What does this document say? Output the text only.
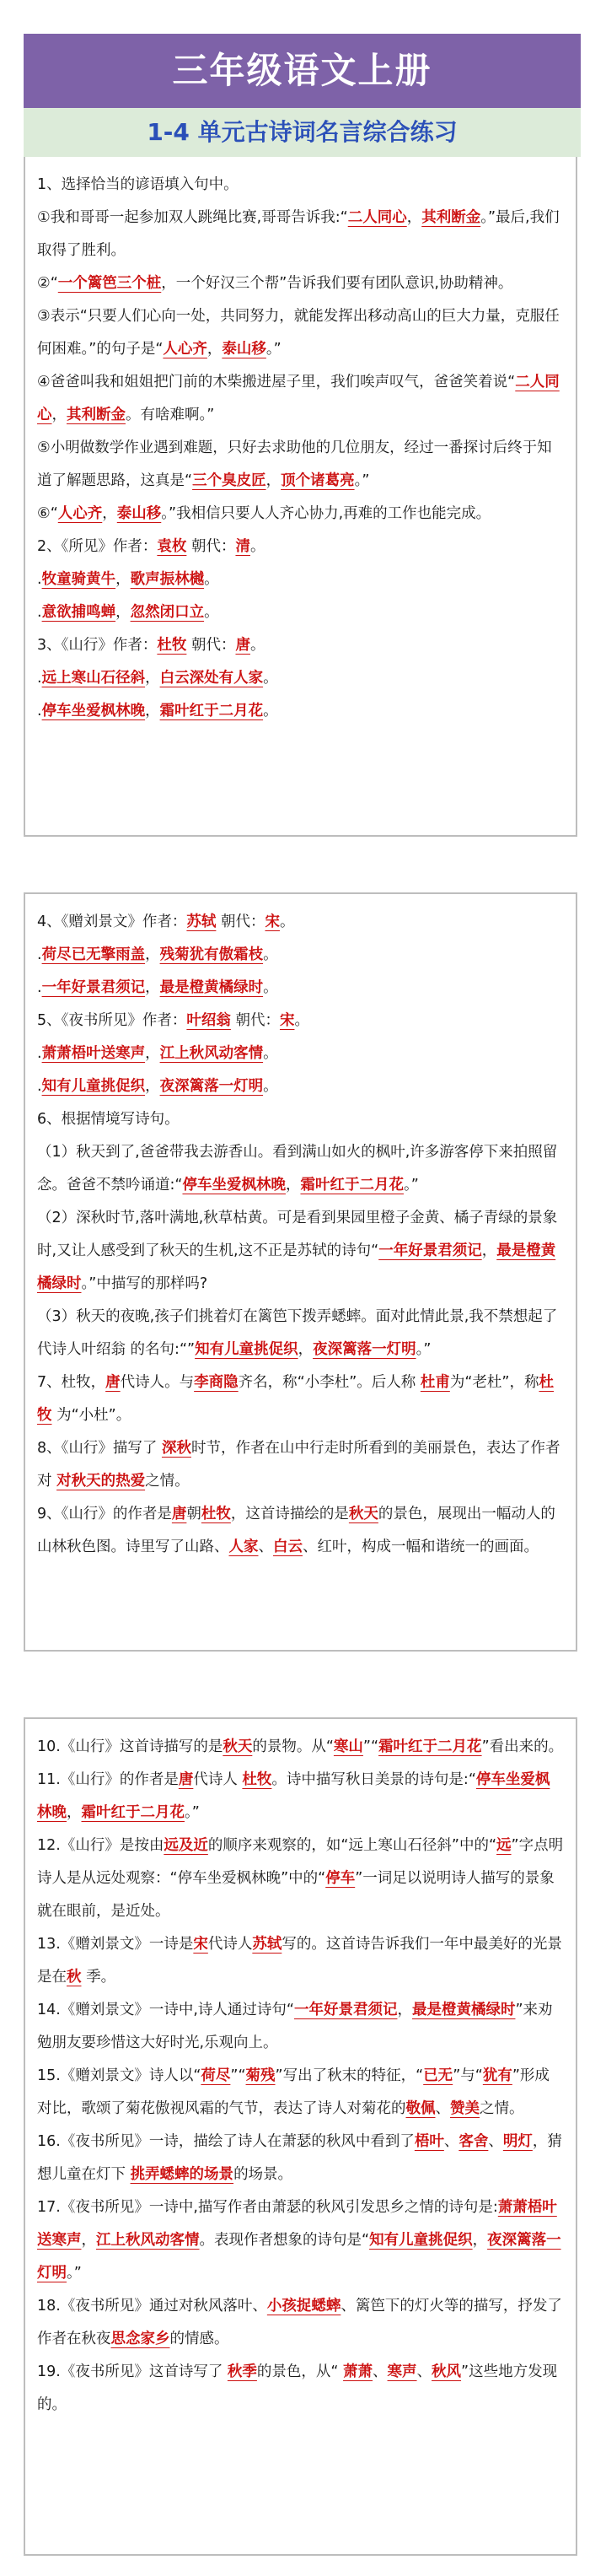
三年级语文上册
1-4 单元古诗词名言综合练习

1、选择恰当的谚语填入句中。

①我和哥哥一起参加双人跳绳比赛,哥哥告诉我:“二人同心，其利断金。”最后,我们取得了胜利。

②“一个篱笆三个桩，一个好汉三个帮”告诉我们要有团队意识,协助精神。

③表示“只要人们心向一处，共同努力，就能发挥出移动高山的巨大力量，克服任何困难。”的句子是“人心齐，泰山移。”

④爸爸叫我和姐姐把门前的木柴搬进屋子里，我们唉声叹气，爸爸笑着说“二人同心，其利断金。有啥难啊。”

⑤小明做数学作业遇到难题，只好去求助他的几位朋友，经过一番探讨后终于知道了解题思路，这真是“三个臭皮匠，顶个诸葛亮。”

⑥“人心齐，泰山移。”我相信只要人人齐心协力,再难的工作也能完成。

2、《所见》作者：袁枚 朝代：清。

.牧童骑黄牛，歌声振林樾。

.意欲捕鸣蝉，忽然闭口立。

3、《山行》作者：杜牧 朝代：唐。

.远上寒山石径斜，白云深处有人家。

.停车坐爱枫林晚，霜叶红于二月花。

4、《赠刘景文》作者：苏轼 朝代：宋。

.荷尽已无擎雨盖，残菊犹有傲霜枝。

.一年好景君须记，最是橙黄橘绿时。

5、《夜书所见》作者：叶绍翁 朝代：宋。

.萧萧梧叶送寒声，江上秋风动客情。

.知有儿童挑促织，夜深篱落一灯明。

6、根据情境写诗句。

（1）秋天到了,爸爸带我去游香山。看到满山如火的枫叶,许多游客停下来拍照留念。爸爸不禁吟诵道:“停车坐爱枫林晚，霜叶红于二月花。”

（2）深秋时节,落叶满地,秋草枯黄。可是看到果园里橙子金黄、橘子青绿的景象时,又让人感受到了秋天的生机,这不正是苏轼的诗句“一年好景君须记，最是橙黄橘绿时。”中描写的那样吗?

（3）秋天的夜晚,孩子们挑着灯在篱笆下拨弄蟋蟀。面对此情此景,我不禁想起了 代诗人叶绍翁 的名句:“”知有儿童挑促织，夜深篱落一灯明。”

7、杜牧，唐代诗人。与李商隐齐名，称“小李杜”。后人称 杜甫为“老杜”，称杜牧 为“小杜”。

8、《山行》描写了 深秋时节，作者在山中行走时所看到的美丽景色，表达了作者对 对秋天的热爱之情。

9、《山行》的作者是唐朝杜牧，这首诗描绘的是秋天的景色，展现出一幅动人的山林秋色图。诗里写了山路、人家、白云、红叶，构成一幅和谐统一的画面。

10.《山行》这首诗描写的是秋天的景物。从“寒山”“霜叶红于二月花”看出来的。

11.《山行》的作者是唐代诗人 杜牧。诗中描写秋日美景的诗句是:“停车坐爱枫林晚，霜叶红于二月花。”

12.《山行》是按由远及近的顺序来观察的，如“远上寒山石径斜”中的“远”字点明诗人是从远处观察：“停车坐爱枫林晚”中的“停车”一词足以说明诗人描写的景象就在眼前，是近处。

13.《赠刘景文》一诗是宋代诗人苏轼写的。这首诗告诉我们一年中最美好的光景是在秋 季。

14.《赠刘景文》一诗中,诗人通过诗句“一年好景君须记，最是橙黄橘绿时”来劝勉朋友要珍惜这大好时光,乐观向上。

15.《赠刘景文》诗人以“荷尽”“菊残”写出了秋末的特征，“已无”与“犹有”形成对比，歌颂了菊花傲视风霜的气节，表达了诗人对菊花的敬佩、赞美之情。

16.《夜书所见》一诗，描绘了诗人在萧瑟的秋风中看到了梧叶、客舍、明灯，猜想儿童在灯下 挑弄蟋蟀的场景的场景。

17.《夜书所见》一诗中,描写作者由萧瑟的秋风引发思乡之情的诗句是:萧萧梧叶送寒声，江上秋风动客情。表现作者想象的诗句是“知有儿童挑促织，夜深篱落一灯明。”

18.《夜书所见》通过对秋风落叶、小孩捉蟋蟀、篱笆下的灯火等的描写，抒发了作者在秋夜思念家乡的情感。

19.《夜书所见》这首诗写了 秋季的景色，从“ 萧萧、寒声、秋风”这些地方发现的。
